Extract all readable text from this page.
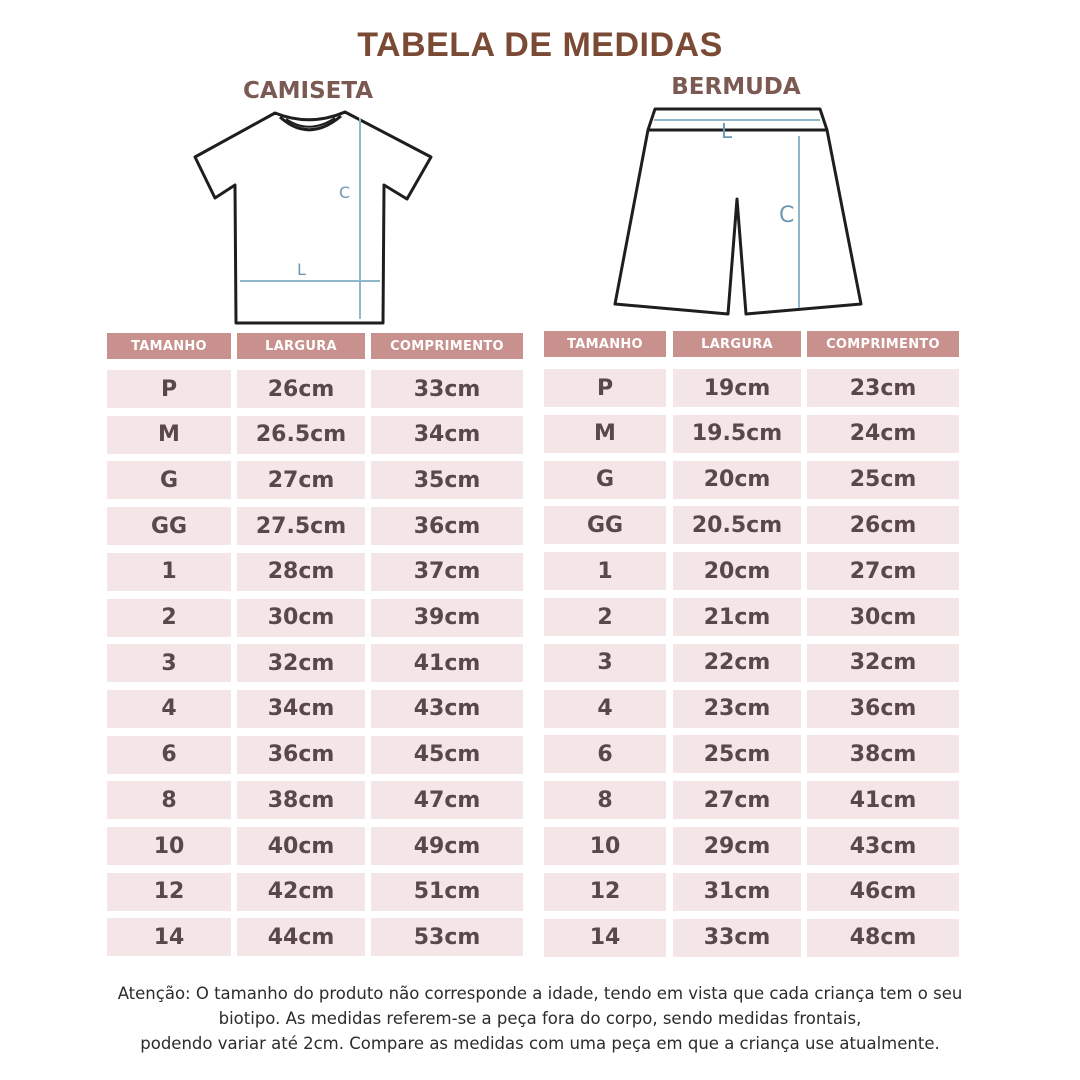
TABELA DE MEDIDAS
CAMISETA	BERMUDA
C
L
L
C
TAMANHO	LARGURA	COMPRIMENTO
P	26cm	33cm
M	26.5cm	34cm
G	27cm	35cm
GG	27.5cm	36cm
1	28cm	37cm
2	30cm	39cm
3	32cm	41cm
4	34cm	43cm
6	36cm	45cm
8	38cm	47cm
10	40cm	49cm
12	42cm	51cm
14	44cm	53cm
TAMANHO	LARGURA	COMPRIMENTO
P	19cm	23cm
M	19.5cm	24cm
G	20cm	25cm
GG	20.5cm	26cm
1	20cm	27cm
2	21cm	30cm
3	22cm	32cm
4	23cm	36cm
6	25cm	38cm
8	27cm	41cm
10	29cm	43cm
12	31cm	46cm
14	33cm	48cm
Atenção: O tamanho do produto não corresponde a idade, tendo em vista que cada criança tem o seu
biotipo. As medidas referem-se a peça fora do corpo, sendo medidas frontais,
podendo variar até 2cm. Compare as medidas com uma peça em que a criança use atualmente.
